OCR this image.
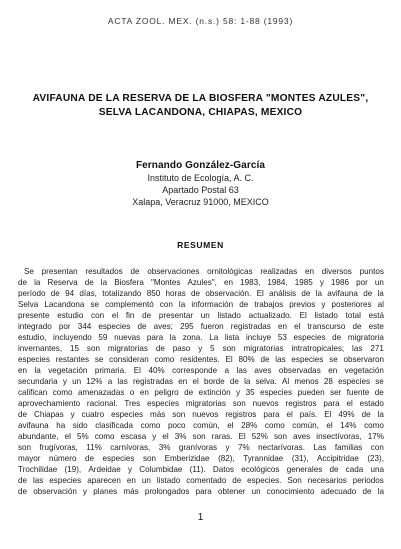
ACTA ZOOL. MEX. (n.s.) 58: 1-88 (1993)
AVIFAUNA DE LA RESERVA DE LA BIOSFERA "MONTES AZULES",
SELVA LACANDONA, CHIAPAS, MEXICO
Fernando González-García
Instituto de Ecología, A. C.
Apartado Postal 63
Xalapa, Veracruz 91000, MEXICO
RESUMEN
Se presentan resultados de observaciones ornitológicas realizadas en diversos puntos
de la Reserva de la Biosfera "Montes Azules", en 1983, 1984, 1985 y 1986 por un
período de 94 días, totalizando 850 horas de observación. El análisis de la avifauna de la
Selva Lacandona se complementó con la información de trabajos previos y posteriores al
presente estudio con el fin de presentar un listado actualizado. El listado total está
integrado por 344 especies de aves; 295 fueron registradas en el transcurso de este
estudio, incluyendo 59 nuevas para la zona. La lista incluye 53 especies de migratoria
invernantes, 15 son migratorias de paso y 5 son migratorias intratropicales; las 271
especies restantes se consideran como residentes. El 80% de las especies se observaron
en la vegetación primaria. El 40% corresponde a las aves observadas en vegetación
secundaria y un 12% a las registradas en el borde de la selva. Al menos 28 especies se
califican como amenazadas o en peligro de extinción y 35 especies pueden ser fuente de
aprovechamiento racional. Tres especies migratorias son nuevos registros para el estado
de Chiapas y cuatro especies más son nuevos registros para el país. El 49% de la
avifauna ha sido clasificada como poco común, el 28% como común, el 14% como
abundante, el 5% como escasa y el 3% son raras. El 52% son aves insectívoras, 17%
son frugívoras, 11% carnívoras, 3% granívoras y 7% nectarívoras. Las familias con
mayor número de especies son Emberizidae (82), Tyrannidae (31), Accipitridae (23),
Trochilidae (19), Ardeidae y Columbidae (11). Datos ecológicos generales de cada una
de las especies aparecen en un listado comentado de especies. Son necesarios periodos
de observación y planes más prolongados para obtener un conocimiento adecuado de la
1
